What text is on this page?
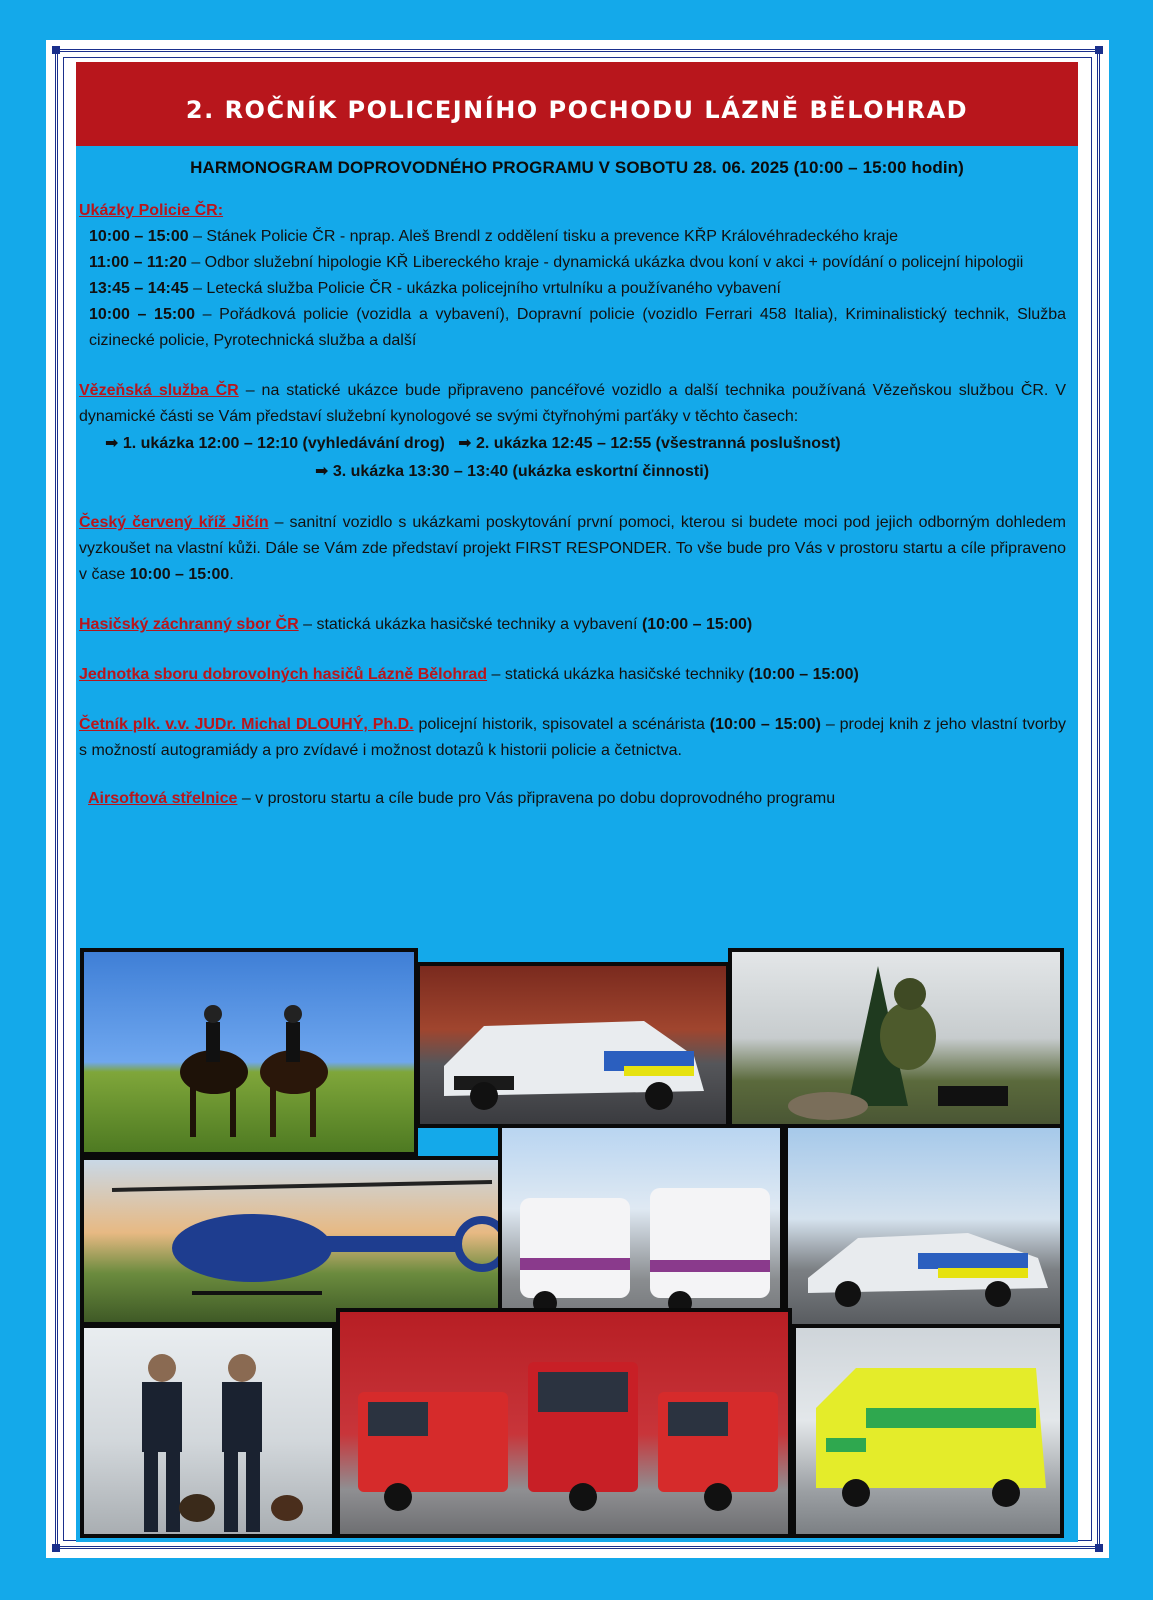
2. ROČNÍK POLICEJNÍHO POCHODU LÁZNĚ BĚLOHRAD
HARMONOGRAM DOPROVODNÉHO PROGRAMU V SOBOTU 28. 06. 2025 (10:00 – 15:00 hodin)
Ukázky Policie ČR:
10:00 – 15:00 – Stánek Policie ČR - nprap. Aleš Brendl z oddělení tisku a prevence KŘP Královéhradeckého kraje
11:00 – 11:20 – Odbor služební hipologie KŘ Libereckého kraje - dynamická ukázka dvou koní v akci + povídání o policejní hipologii
13:45 – 14:45 – Letecká služba Policie ČR - ukázka policejního vrtulníku a používaného vybavení
10:00 – 15:00 – Pořádková policie (vozidla a vybavení), Dopravní policie (vozidlo Ferrari 458 Italia), Kriminalistický technik, Služba cizinecké policie, Pyrotechnická služba a další
Vězeňská služba ČR – na statické ukázce bude připraveno pancéřové vozidlo a další technika používaná Vězeňskou službou ČR. V dynamické části se Vám představí služební kynologové se svými čtyřnohými parťáky v těchto časech:
➡ 1. ukázka 12:00 – 12:10 (vyhledávání drog) ➡ 2. ukázka 12:45 – 12:55 (všestranná poslušnost)
➡ 3. ukázka 13:30 – 13:40 (ukázka eskortní činnosti)
Český červený kříž Jičín – sanitní vozidlo s ukázkami poskytování první pomoci, kterou si budete moci pod jejich odborným dohledem vyzkoušet na vlastní kůži. Dále se Vám zde představí projekt FIRST RESPONDER. To vše bude pro Vás v prostoru startu a cíle připraveno v čase 10:00 – 15:00.
Hasičský záchranný sbor ČR – statická ukázka hasičské techniky a vybavení (10:00 – 15:00)
Jednotka sboru dobrovolných hasičů Lázně Bělohrad – statická ukázka hasičské techniky (10:00 – 15:00)
Četník plk. v.v. JUDr. Michal DLOUHÝ, Ph.D. policejní historik, spisovatel a scénárista (10:00 – 15:00) – prodej knih z jeho vlastní tvorby s možností autogramiády a pro zvídavé i možnost dotazů k historii policie a četnictva.
Airsoftová střelnice – v prostoru startu a cíle bude pro Vás připravena po dobu doprovodného programu
